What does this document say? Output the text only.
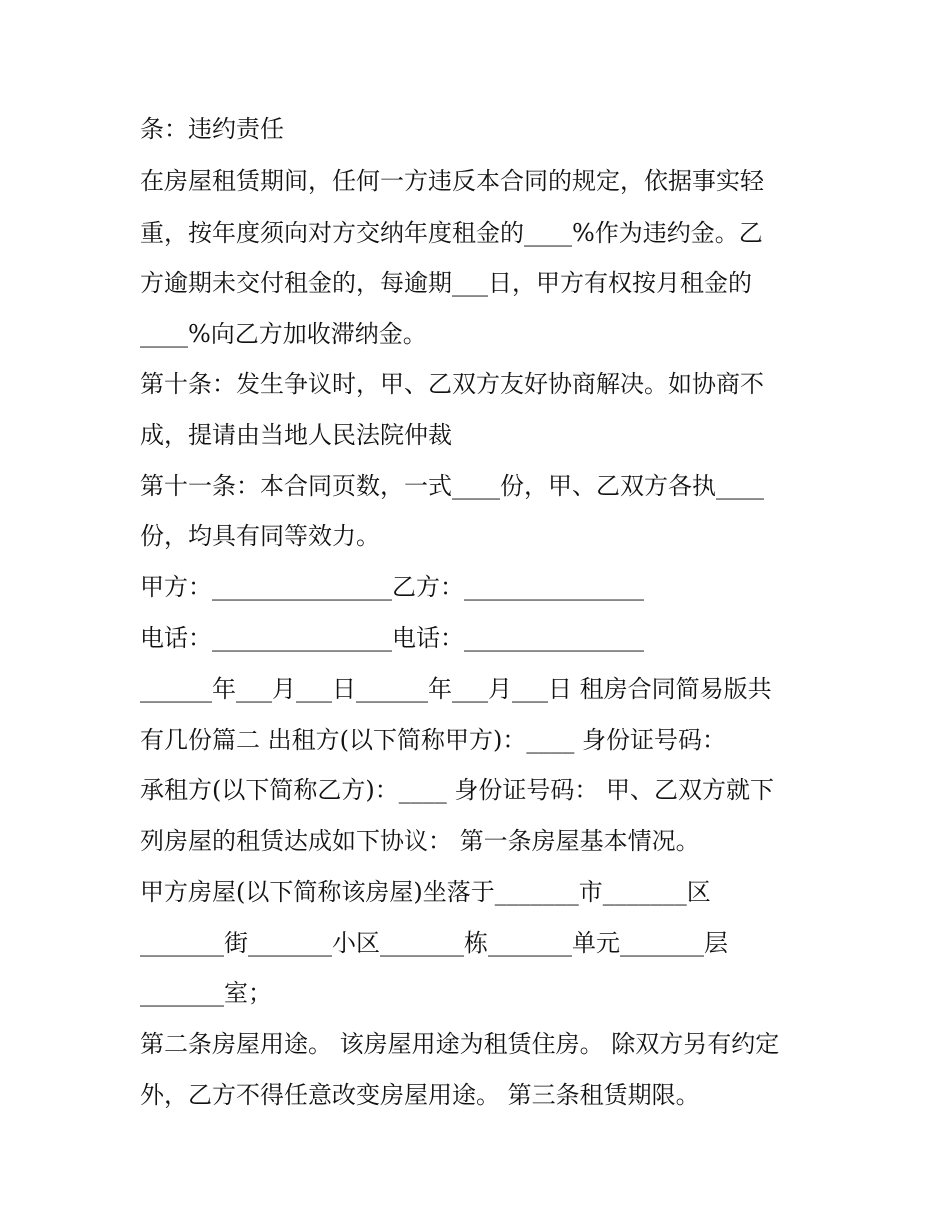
条：违约责任
在房屋租赁期间，任何一方违反本合同的规定，依据事实轻
重，按年度须向对方交纳年度租金的____%作为违约金。乙
方逾期未交付租金的，每逾期___日，甲方有权按月租金的
____%向乙方加收滞纳金。
第十条：发生争议时，甲、乙双方友好协商解决。如协商不
成，提请由当地人民法院仲裁
第十一条：本合同页数，一式____份，甲、乙双方各执____
份，均具有同等效力。
甲方：_______________乙方：_______________
电话：_______________电话：_______________
______年___月___日______年___月___日 租房合同简易版共
有几份篇二 出租方(以下简称甲方)：____ 身份证号码：
承租方(以下简称乙方)：____ 身份证号码： 甲、乙双方就下
列房屋的租赁达成如下协议： 第一条房屋基本情况。
甲方房屋(以下简称该房屋)坐落于_______市_______区
_______街_______小区_______栋_______单元_______层
_______室；
第二条房屋用途。 该房屋用途为租赁住房。 除双方另有约定
外，乙方不得任意改变房屋用途。 第三条租赁期限。
